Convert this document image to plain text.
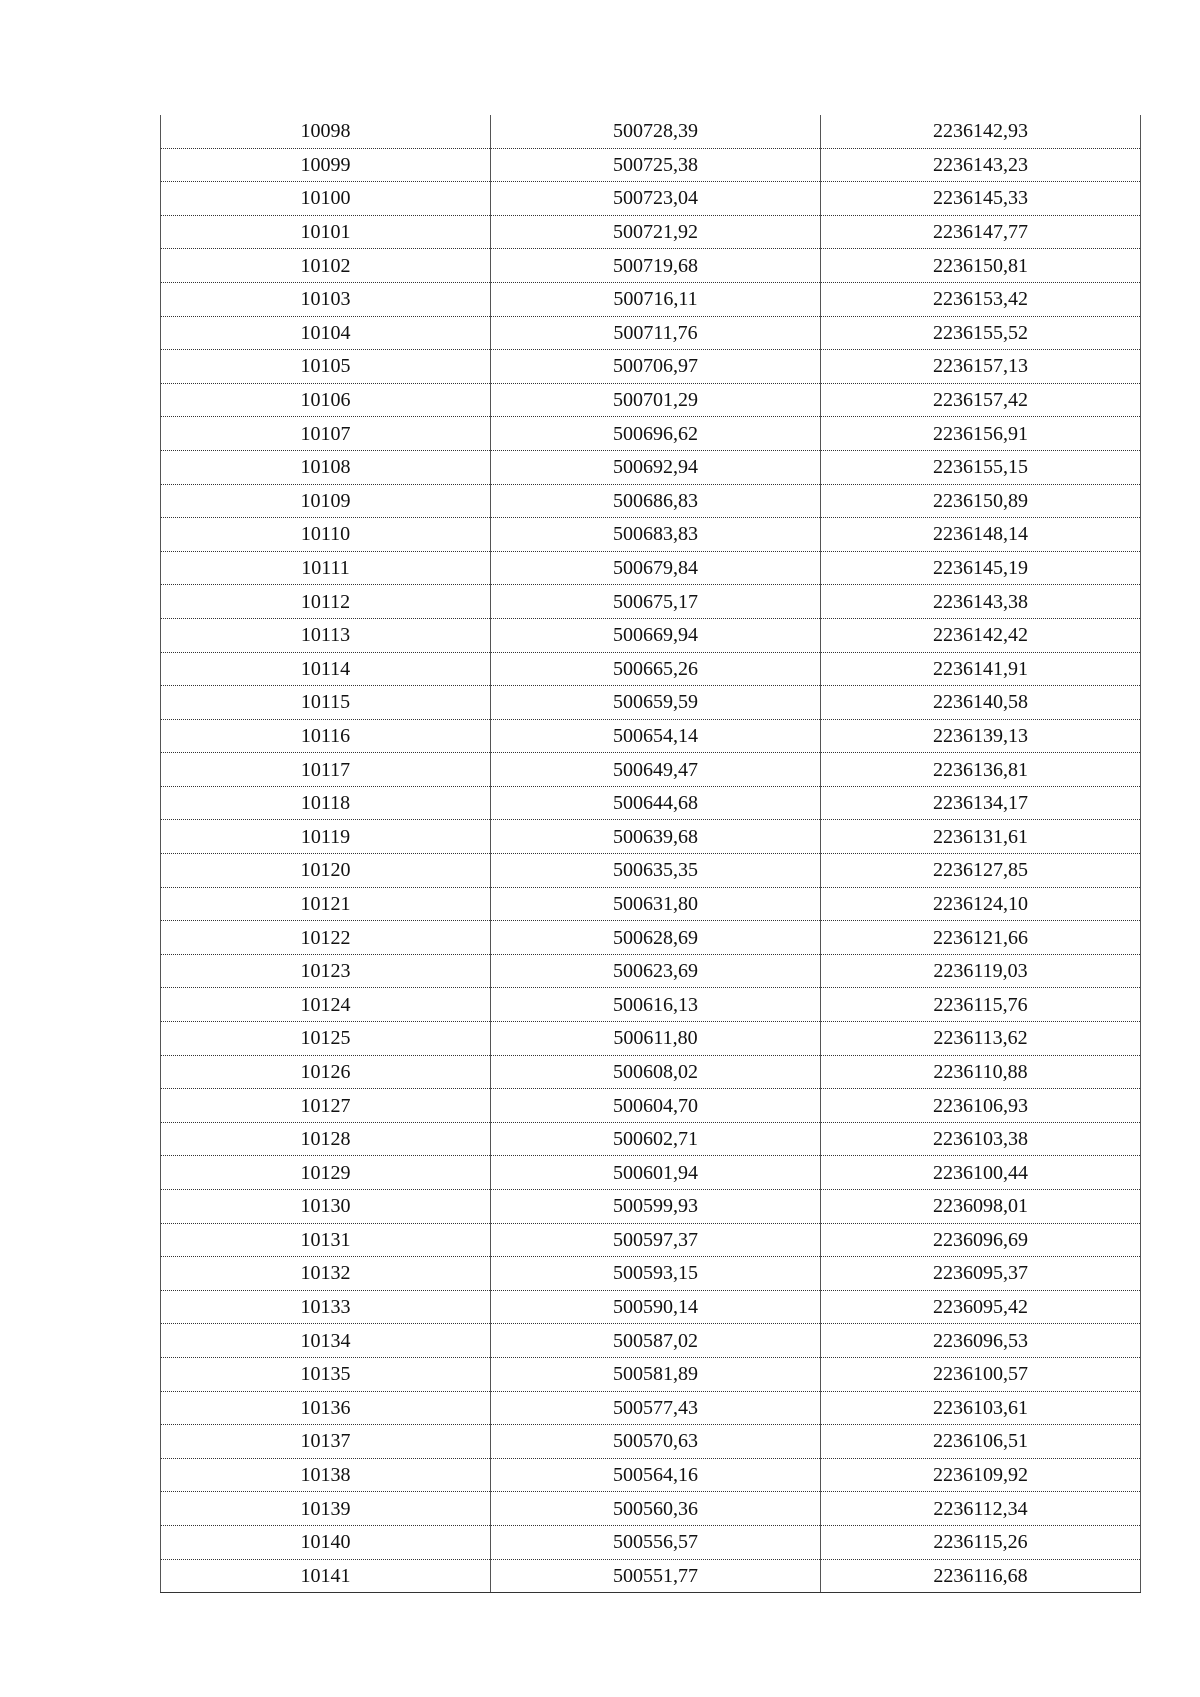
10098	500728,39	2236142,93
10099	500725,38	2236143,23
10100	500723,04	2236145,33
10101	500721,92	2236147,77
10102	500719,68	2236150,81
10103	500716,11	2236153,42
10104	500711,76	2236155,52
10105	500706,97	2236157,13
10106	500701,29	2236157,42
10107	500696,62	2236156,91
10108	500692,94	2236155,15
10109	500686,83	2236150,89
10110	500683,83	2236148,14
10111	500679,84	2236145,19
10112	500675,17	2236143,38
10113	500669,94	2236142,42
10114	500665,26	2236141,91
10115	500659,59	2236140,58
10116	500654,14	2236139,13
10117	500649,47	2236136,81
10118	500644,68	2236134,17
10119	500639,68	2236131,61
10120	500635,35	2236127,85
10121	500631,80	2236124,10
10122	500628,69	2236121,66
10123	500623,69	2236119,03
10124	500616,13	2236115,76
10125	500611,80	2236113,62
10126	500608,02	2236110,88
10127	500604,70	2236106,93
10128	500602,71	2236103,38
10129	500601,94	2236100,44
10130	500599,93	2236098,01
10131	500597,37	2236096,69
10132	500593,15	2236095,37
10133	500590,14	2236095,42
10134	500587,02	2236096,53
10135	500581,89	2236100,57
10136	500577,43	2236103,61
10137	500570,63	2236106,51
10138	500564,16	2236109,92
10139	500560,36	2236112,34
10140	500556,57	2236115,26
10141	500551,77	2236116,68
